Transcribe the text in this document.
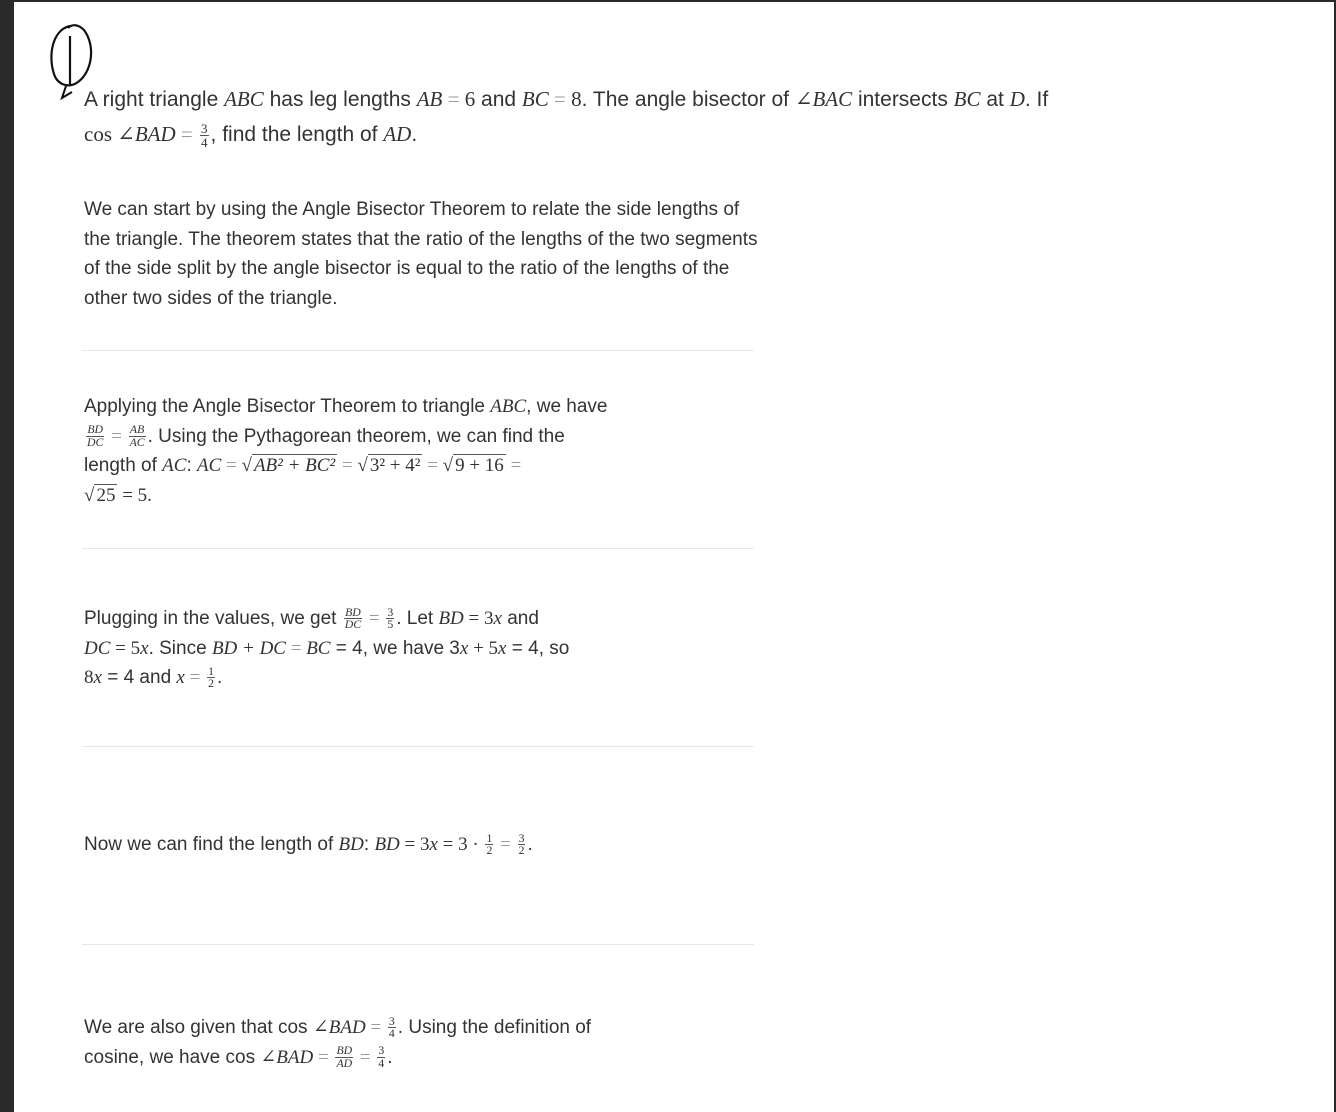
A right triangle ABC has leg lengths AB = 6 and BC = 8. The angle bisector of ∠BAC intersects BC at D. If
cos ∠BAD = $\frac{3}{4}$ , find the length of AD.
We can start by using the Angle Bisector Theorem to relate the side lengths of the triangle. The theorem states that the ratio of the lengths of the two segments of the side split by the angle bisector is equal to the ratio of the lengths of the other two sides of the triangle.
Applying the Angle Bisector Theorem to triangle ABC, we have

$\frac{BD}{DC} = \frac{AB}{AC}$ . Using the Pythagorean theorem, we can find the
length of AC: AC = √ AB² + BC² = √ 3² + 4² = √ 9 + 16 =
√ 25 = 5.
Plugging in the values, we get $\frac{BD}{DC} = \frac{3}{5}$ . Let BD = 3x and
DC = 5x. Since BD + DC = BC = 4, we have 3x + 5x = 4, so
8x = 4 and $x = \frac{1}{2}$ .
Now we can find the length of BD: BD = $3x = 3 \cdot \frac{1}{2} = \frac{3}{2}$ .
We are also given that cos ∠BAD = $\frac{3}{4}$ . Using the definition of
cosine, we have cos ∠BAD = $\frac{BD}{AD} = \frac{3}{4}$ .
